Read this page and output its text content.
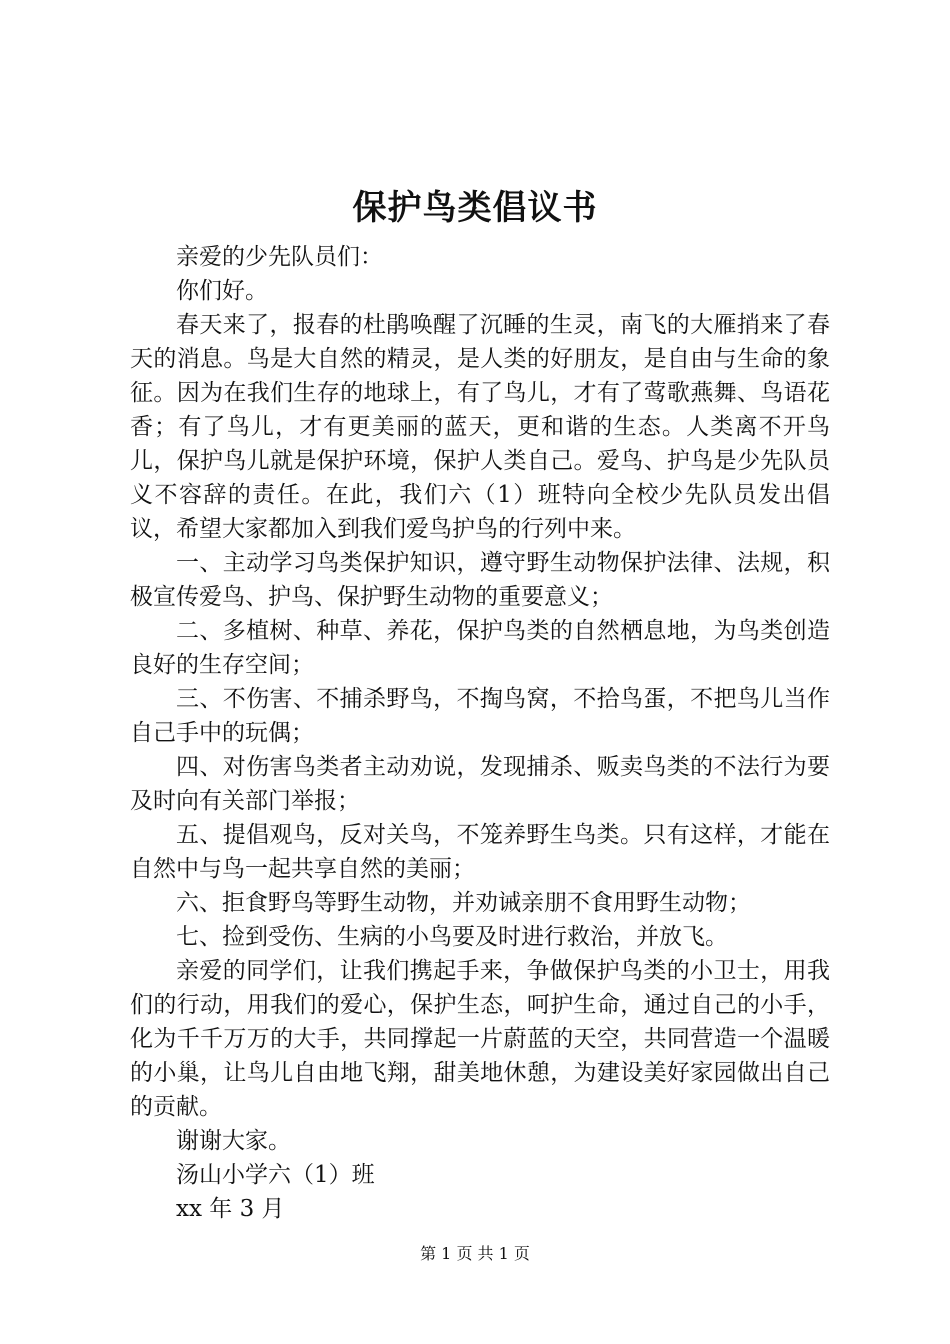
保护鸟类倡议书

亲爱的少先队员们：

你们好。

春天来了，报春的杜鹃唤醒了沉睡的生灵，南飞的大雁捎来了春天的消息。鸟是大自然的精灵，是人类的好朋友，是自由与生命的象征。因为在我们生存的地球上，有了鸟儿，才有了莺歌燕舞、鸟语花香；有了鸟儿，才有更美丽的蓝天，更和谐的生态。人类离不开鸟儿，保护鸟儿就是保护环境，保护人类自己。爱鸟、护鸟是少先队员义不容辞的责任。在此，我们六（1）班特向全校少先队员发出倡议，希望大家都加入到我们爱鸟护鸟的行列中来。

一、主动学习鸟类保护知识，遵守野生动物保护法律、法规，积极宣传爱鸟、护鸟、保护野生动物的重要意义；

二、多植树、种草、养花，保护鸟类的自然栖息地，为鸟类创造良好的生存空间；

三、不伤害、不捕杀野鸟，不掏鸟窝，不拾鸟蛋，不把鸟儿当作自己手中的玩偶；

四、对伤害鸟类者主动劝说，发现捕杀、贩卖鸟类的不法行为要及时向有关部门举报；

五、提倡观鸟，反对关鸟，不笼养野生鸟类。只有这样，才能在自然中与鸟一起共享自然的美丽；

六、拒食野鸟等野生动物，并劝诫亲朋不食用野生动物；

七、捡到受伤、生病的小鸟要及时进行救治，并放飞。

亲爱的同学们，让我们携起手来，争做保护鸟类的小卫士，用我们的行动，用我们的爱心，保护生态，呵护生命，通过自己的小手，化为千千万万的大手，共同撑起一片蔚蓝的天空，共同营造一个温暖的小巢，让鸟儿自由地飞翔，甜美地休憩，为建设美好家园做出自己的贡献。

谢谢大家。

汤山小学六（1）班

xx 年 3 月

第 1 页 共 1 页
